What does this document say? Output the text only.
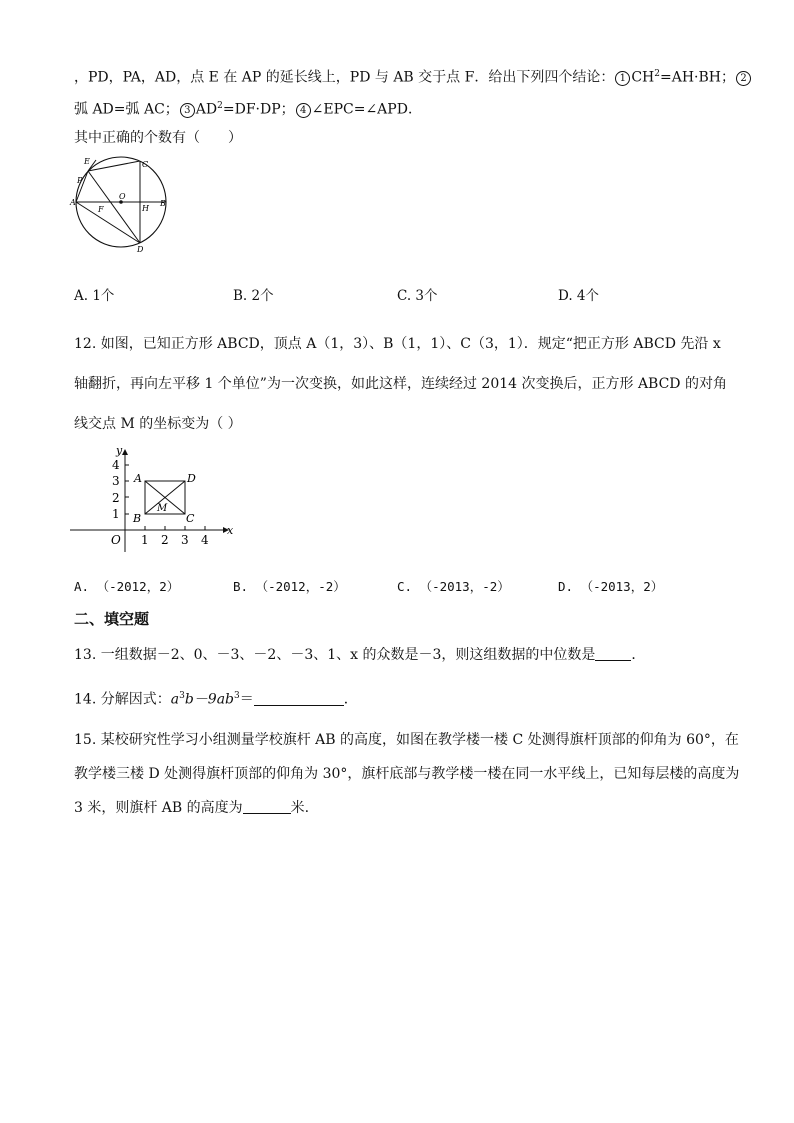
，PD，PA，AD，点 E 在 AP 的延长线上，PD 与 AB 交于点 F．给出下列四个结论： 1 $CH^2=AH\cdot BH$； 2
弧 AD=弧 AC； 3 $AD^2=DF\cdot DP$； 4 ∠EPC=∠APD．
其中正确的个数有（　　）
E	C
P
O
A
F	H
B
D
A. 1个	B. 2个	C. 3个	D. 4个
12. 如图，已知正方形 ABCD，顶点 A（1，3）、B（1，1）、C（3，1）．规定“把正方形 ABCD 先沿 x
轴翻折，再向左平移 1 个单位”为一次变换，如此这样，连续经过 2014 次变换后，正方形 ABCD 的对角
线交点 M 的坐标变为（ ）
y
x
O
4
3
2
1
1 2 3 4
A	D
B	C
M
A. （-2012，2）	B. （-2012，-2）	C. （-2013，-2）	D. （-2013，2）
二、填空题
13. 一组数据－2、0、－3、－2、－3、1、x 的众数是－3，则这组数据的中位数是	．
14. 分解因式：$a^3b-9ab^3=$	．
15. 某校研究性学习小组测量学校旗杆 AB 的高度，如图在教学楼一楼 C 处测得旗杆顶部的仰角为 60°，在
教学楼三楼 D 处测得旗杆顶部的仰角为 30°，旗杆底部与教学楼一楼在同一水平线上，已知每层楼的高度为
3 米，则旗杆 AB 的高度为	米.
